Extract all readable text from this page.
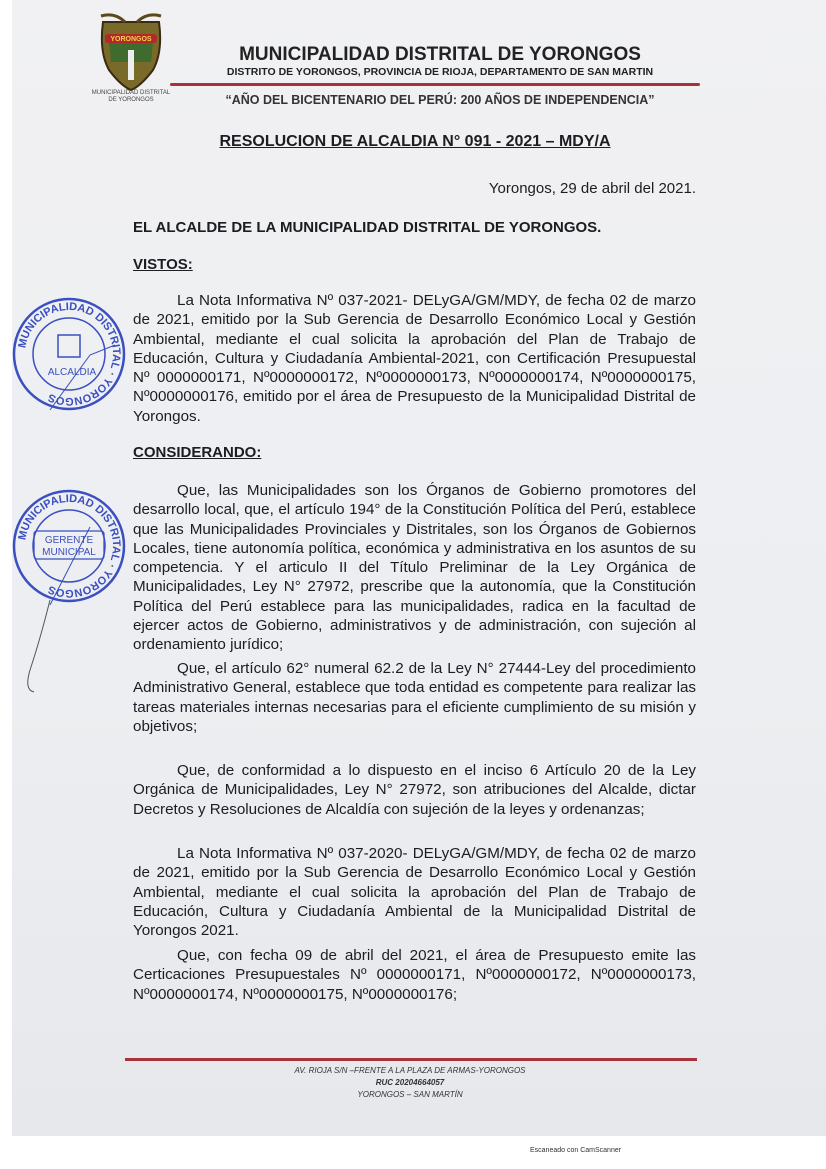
YORONGOS
MUNICIPALIDAD DISTRITAL DE YORONGOS
MUNICIPALIDAD DISTRITAL DE YORONGOS
DISTRITO DE YORONGOS, PROVINCIA DE RIOJA, DEPARTAMENTO DE SAN MARTIN
“AÑO DEL BICENTENARIO DEL PERÚ: 200 AÑOS DE INDEPENDENCIA”
RESOLUCION DE ALCALDIA N° 091 - 2021 – MDY/A
Yorongos, 29 de abril del 2021.
EL ALCALDE DE LA MUNICIPALIDAD DISTRITAL DE YORONGOS.
VISTOS:
La Nota Informativa Nº 037-2021- DELyGA/GM/MDY, de fecha 02 de marzo de 2021, emitido por la Sub Gerencia de Desarrollo Económico Local y Gestión Ambiental, mediante el cual solicita la aprobación del Plan de Trabajo de Educación, Cultura y Ciudadanía Ambiental-2021, con Certificación Presupuestal Nº 0000000171, Nº0000000172, Nº0000000173, Nº0000000174, Nº0000000175, Nº0000000176, emitido por el área de Presupuesto de la Municipalidad Distrital de Yorongos.
CONSIDERANDO:
Que, las Municipalidades son los Órganos de Gobierno promotores del desarrollo local, que, el artículo 194° de la Constitución Política del Perú, establece que las Municipalidades Provinciales y Distritales, son los Órganos de Gobiernos Locales, tiene autonomía política, económica y administrativa en los asuntos de su competencia. Y el articulo II del Título Preliminar de la Ley Orgánica de Municipalidades, Ley N° 27972, prescribe que la autonomía, que la Constitución Política del Perú establece para las municipalidades, radica en la facultad de ejercer actos de Gobierno, administrativos y de administración, con sujeción al ordenamiento jurídico;
Que, el artículo 62° numeral 62.2 de la Ley N° 27444-Ley del procedimiento Administrativo General, establece que toda entidad es competente para realizar las tareas materiales internas necesarias para el eficiente cumplimiento de su misión y objetivos;
Que, de conformidad a lo dispuesto en el inciso 6 Artículo 20 de la Ley Orgánica de Municipalidades, Ley N° 27972, son atribuciones del Alcalde, dictar Decretos y Resoluciones de Alcaldía con sujeción de la leyes y ordenanzas;
La Nota Informativa Nº 037-2020- DELyGA/GM/MDY, de fecha 02 de marzo de 2021, emitido por la Sub Gerencia de Desarrollo Económico Local y Gestión Ambiental, mediante el cual solicita la aprobación del Plan de Trabajo de Educación, Cultura y Ciudadanía Ambiental de la Municipalidad Distrital de Yorongos 2021.
Que, con fecha 09 de abril del 2021, el área de Presupuesto emite las Certicaciones Presupuestales Nº 0000000171, Nº0000000172, Nº0000000173, Nº0000000174, Nº0000000175, Nº0000000176;
MUNICIPALIDAD DISTRITAL · YORONGOS
ALCALDIA
MUNICIPALIDAD DISTRITAL · YORONGOS
GERENTE
MUNICIPAL
AV. RIOJA S/N –FRENTE A LA PLAZA DE ARMAS-YORONGOS
RUC 20204664057
YORONGOS – SAN MARTÍN
Escaneado con CamScanner
